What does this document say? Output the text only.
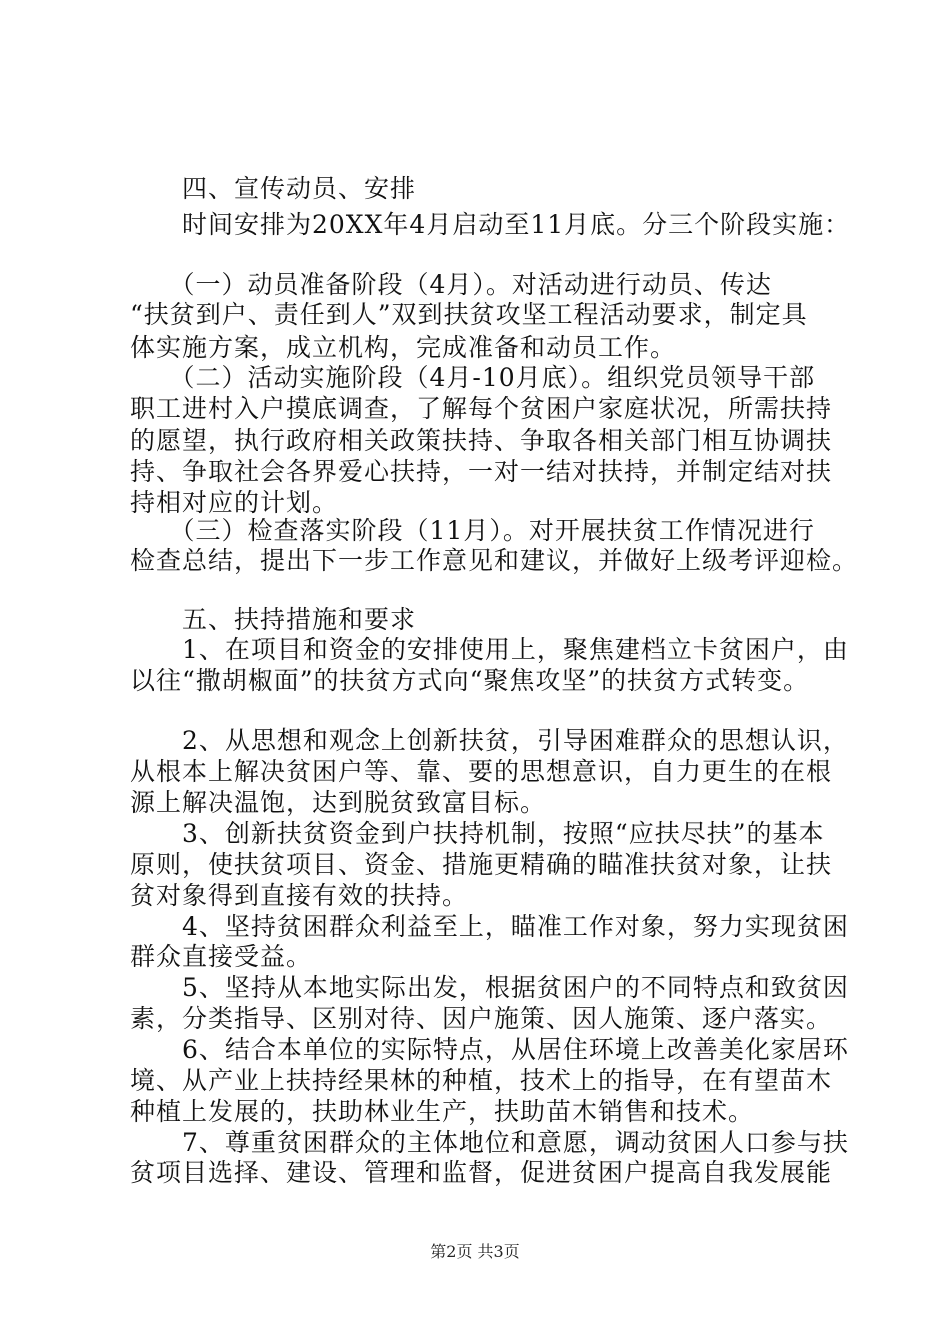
　　四、宣传动员、安排
　　时间安排为20XX年4月启动至11月底。分三个阶段实施：
　　（一）动员准备阶段（4月）。对活动进行动员、传达
“扶贫到户、责任到人”双到扶贫攻坚工程活动要求，制定具
体实施方案，成立机构，完成准备和动员工作。
　　（二）活动实施阶段（4月-10月底）。组织党员领导干部
职工进村入户摸底调查，了解每个贫困户家庭状况，所需扶持
的愿望，执行政府相关政策扶持、争取各相关部门相互协调扶
持、争取社会各界爱心扶持，一对一结对扶持，并制定结对扶
持相对应的计划。
　　（三）检查落实阶段（11月）。对开展扶贫工作情况进行
检查总结，提出下一步工作意见和建议，并做好上级考评迎检。
　　五、扶持措施和要求
　　1、在项目和资金的安排使用上，聚焦建档立卡贫困户，由
以往“撒胡椒面”的扶贫方式向“聚焦攻坚”的扶贫方式转变。
　　2、从思想和观念上创新扶贫，引导困难群众的思想认识，
从根本上解决贫困户等、靠、要的思想意识，自力更生的在根
源上解决温饱，达到脱贫致富目标。
　　3、创新扶贫资金到户扶持机制，按照“应扶尽扶”的基本
原则，使扶贫项目、资金、措施更精确的瞄准扶贫对象，让扶
贫对象得到直接有效的扶持。
　　4、坚持贫困群众利益至上，瞄准工作对象，努力实现贫困
群众直接受益。
　　5、坚持从本地实际出发，根据贫困户的不同特点和致贫因
素，分类指导、区别对待、因户施策、因人施策、逐户落实。
　　6、结合本单位的实际特点，从居住环境上改善美化家居环
境、从产业上扶持经果林的种植，技术上的指导，在有望苗木
种植上发展的，扶助林业生产，扶助苗木销售和技术。
　　7、尊重贫困群众的主体地位和意愿，调动贫困人口参与扶
贫项目选择、建设、管理和监督，促进贫困户提高自我发展能
第2页 共3页
